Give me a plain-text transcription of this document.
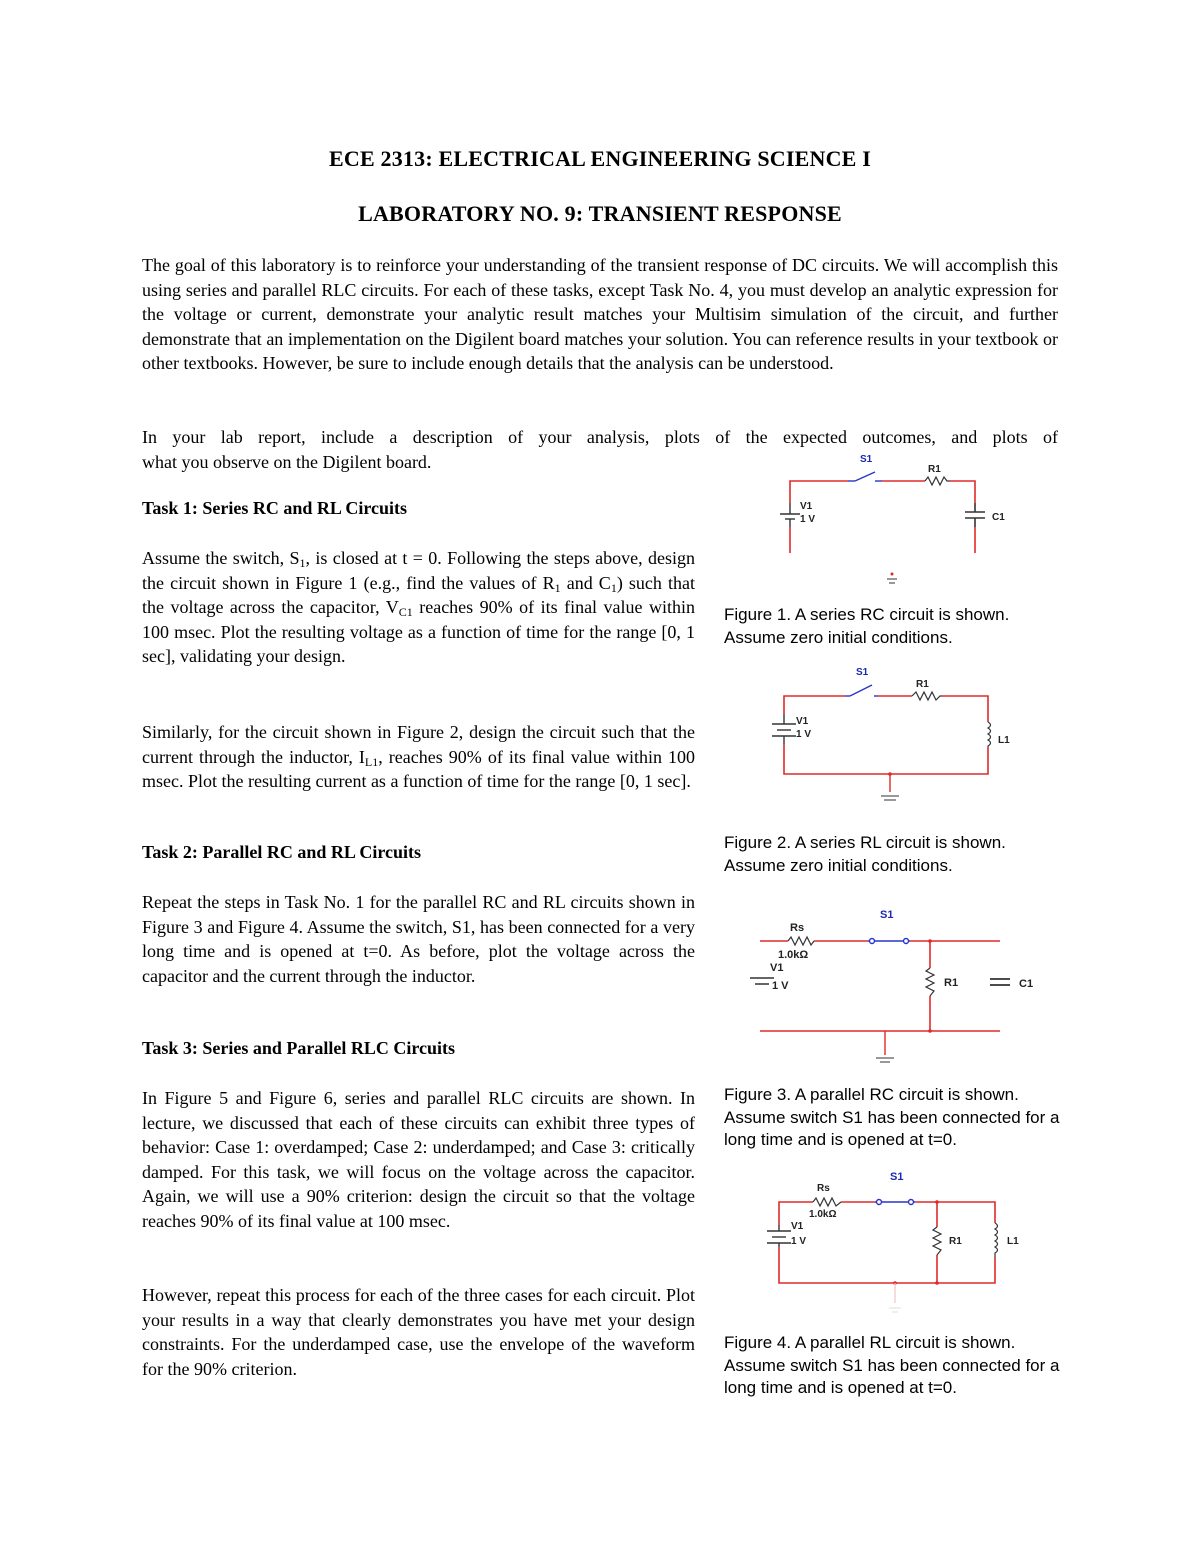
ECE 2313: ELECTRICAL ENGINEERING SCIENCE I
LABORATORY NO. 9: TRANSIENT RESPONSE
The goal of this laboratory is to reinforce your understanding of the transient response of DC circuits. We will accomplish this using series and parallel RLC circuits. For each of these tasks, except Task No. 4, you must develop an analytic expression for the voltage or current, demonstrate your analytic result matches your Multisim simulation of the circuit, and further demonstrate that an implementation on the Digilent board matches your solution. You can reference results in your textbook or other textbooks. However, be sure to include enough details that the analysis can be understood.
In your lab report, include a description of your analysis, plots of the expected outcomes, and plots of
what you observe on the Digilent board.
Task 1: Series RC and RL Circuits
Assume the switch, $S_1$, is closed at t = 0. Following the steps above, design the circuit shown in Figure 1 (e.g., find the values of $R_1$ and $C_1$) such that the voltage across the capacitor, $V_{C1}$ reaches 90% of its final value within 100 msec. Plot the resulting voltage as a function of time for the range [0, 1 sec], validating your design.
Similarly, for the circuit shown in Figure 2, design the circuit such that the current through the inductor, $I_{L1}$, reaches 90% of its final value within 100 msec. Plot the resulting current as a function of time for the range [0, 1 sec].
Task 2: Parallel RC and RL Circuits
Repeat the steps in Task No. 1 for the parallel RC and RL circuits shown in Figure 3 and Figure 4. Assume the switch, S1, has been connected for a very long time and is opened at t=0. As before, plot the voltage across the capacitor and the current through the inductor.
Task 3: Series and Parallel RLC Circuits
In Figure 5 and Figure 6, series and parallel RLC circuits are shown. In lecture, we discussed that each of these circuits can exhibit three types of behavior: Case 1: overdamped; Case 2: underdamped; and Case 3: critically damped. For this task, we will focus on the voltage across the capacitor. Again, we will use a 90% criterion: design the circuit so that the voltage reaches 90% of its final value at 100 msec.
However, repeat this process for each of the three cases for each circuit. Plot your results in a way that clearly demonstrates you have met your design constraints. For the underdamped case, use the envelope of the waveform for the 90% criterion.
S1
R1
V1
1 V	C1
Figure 1. A series RC circuit is shown. Assume zero initial conditions.
S1
R1
V1
1 V
L1
Figure 2. A series RL circuit is shown. Assume zero initial conditions.
S1
Rs
1.0kΩ
V1
1 V	R1	C1
Figure 3. A parallel RC circuit is shown. Assume switch S1 has been connected for a long time and is opened at t=0.
S1
Rs
1.0kΩ
V1
1 V	R1	L1
Figure 4. A parallel RL circuit is shown. Assume switch S1 has been connected for a long time and is opened at t=0.
